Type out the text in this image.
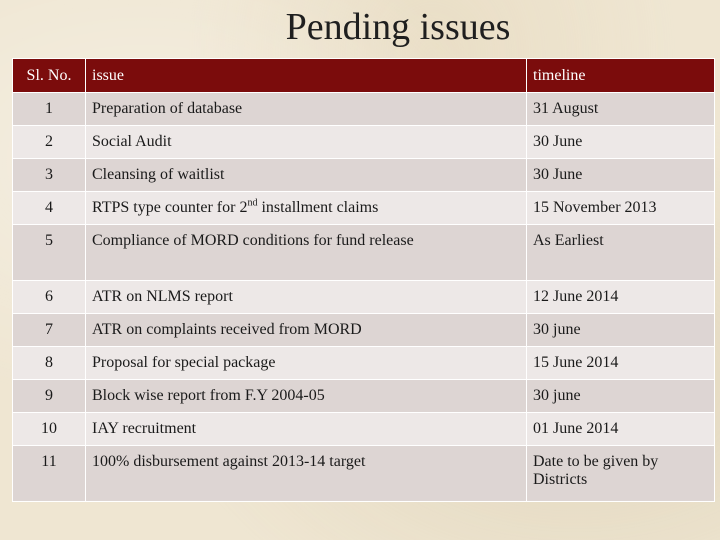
Pending issues
Sl. No.	issue	timeline
1	Preparation of database	31 August
2	Social Audit	30 June
3	Cleansing of waitlist	30 June
4	RTPS type counter for 2nd installment claims	15 November 2013
5	Compliance of MORD conditions for fund release	As Earliest
6	ATR on NLMS report	12 June 2014
7	ATR on complaints received from MORD	30 june
8	Proposal for special package	15 June 2014
9	Block wise report from F.Y 2004-05	30 june
10	IAY recruitment	01 June 2014
11	100% disbursement against 2013-14 target	Date to be given by Districts
